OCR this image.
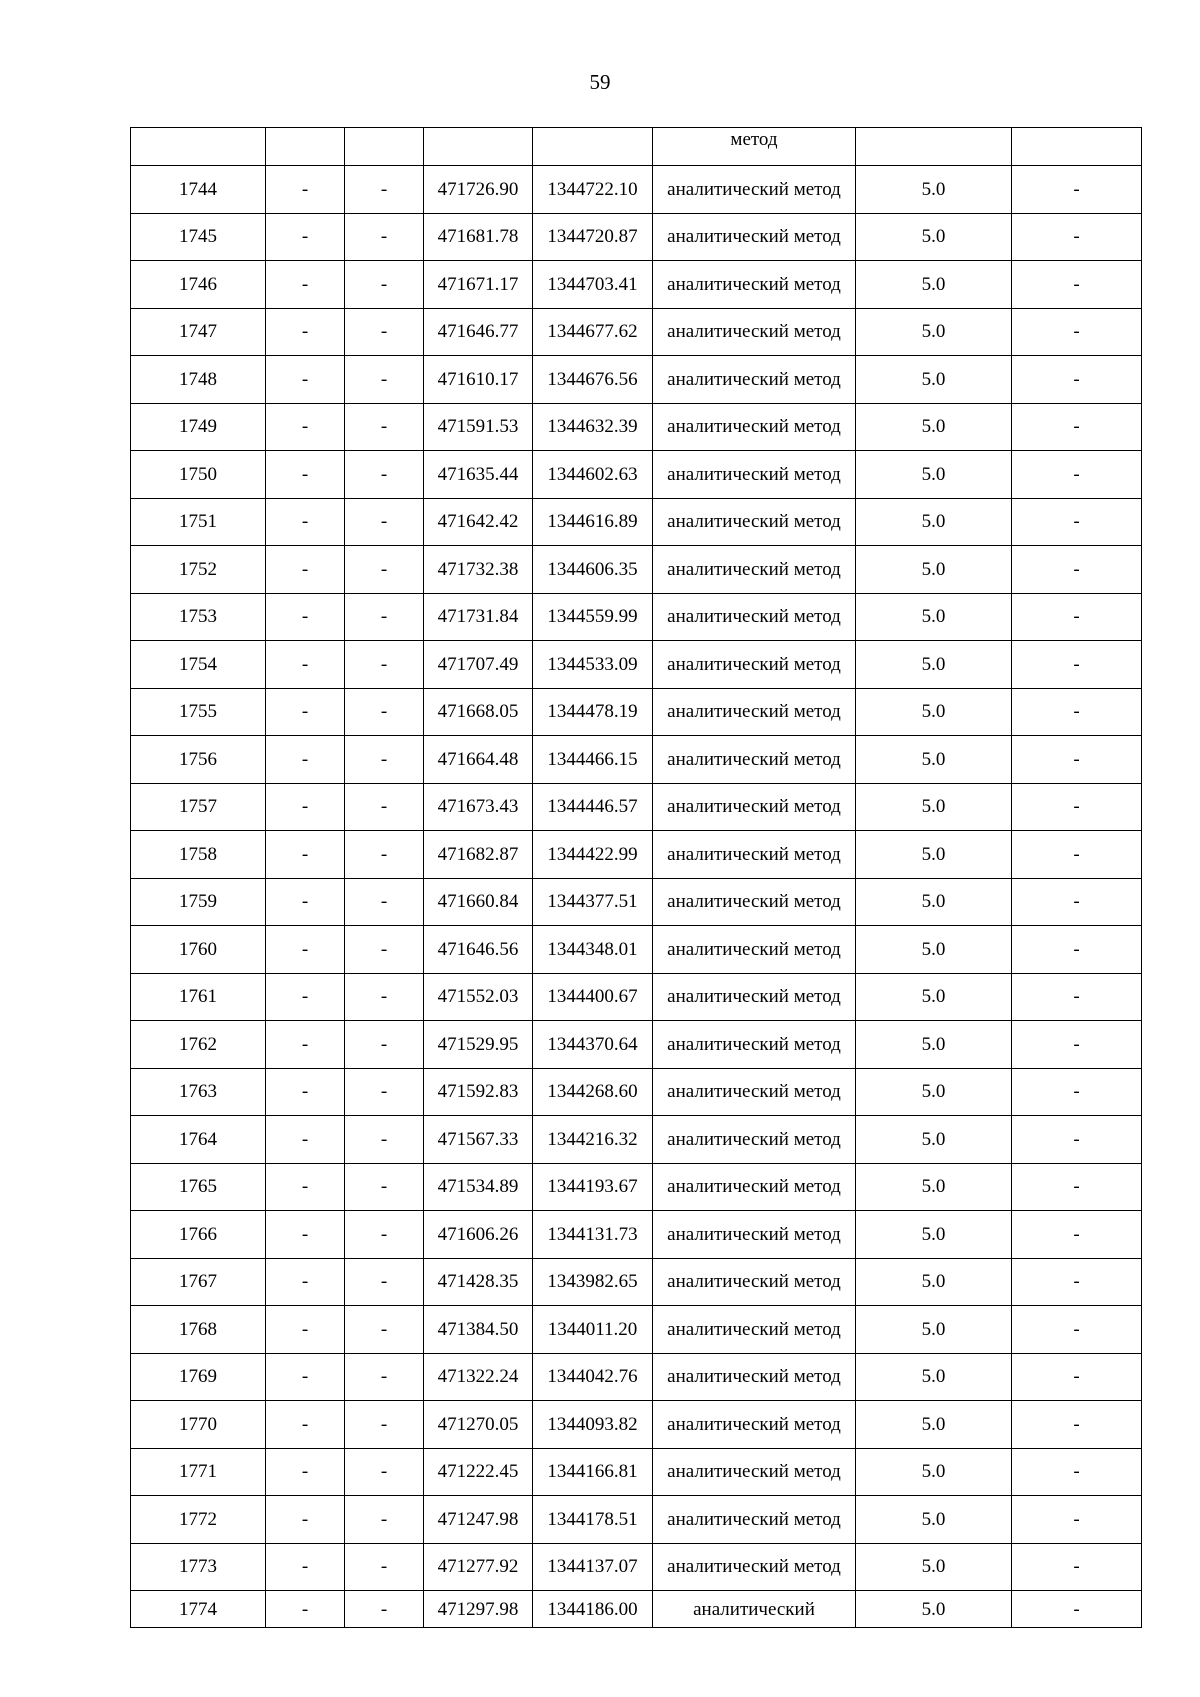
59
					метод		
1744	-	-	471726.90	1344722.10	аналитический метод	5.0	-
1745	-	-	471681.78	1344720.87	аналитический метод	5.0	-
1746	-	-	471671.17	1344703.41	аналитический метод	5.0	-
1747	-	-	471646.77	1344677.62	аналитический метод	5.0	-
1748	-	-	471610.17	1344676.56	аналитический метод	5.0	-
1749	-	-	471591.53	1344632.39	аналитический метод	5.0	-
1750	-	-	471635.44	1344602.63	аналитический метод	5.0	-
1751	-	-	471642.42	1344616.89	аналитический метод	5.0	-
1752	-	-	471732.38	1344606.35	аналитический метод	5.0	-
1753	-	-	471731.84	1344559.99	аналитический метод	5.0	-
1754	-	-	471707.49	1344533.09	аналитический метод	5.0	-
1755	-	-	471668.05	1344478.19	аналитический метод	5.0	-
1756	-	-	471664.48	1344466.15	аналитический метод	5.0	-
1757	-	-	471673.43	1344446.57	аналитический метод	5.0	-
1758	-	-	471682.87	1344422.99	аналитический метод	5.0	-
1759	-	-	471660.84	1344377.51	аналитический метод	5.0	-
1760	-	-	471646.56	1344348.01	аналитический метод	5.0	-
1761	-	-	471552.03	1344400.67	аналитический метод	5.0	-
1762	-	-	471529.95	1344370.64	аналитический метод	5.0	-
1763	-	-	471592.83	1344268.60	аналитический метод	5.0	-
1764	-	-	471567.33	1344216.32	аналитический метод	5.0	-
1765	-	-	471534.89	1344193.67	аналитический метод	5.0	-
1766	-	-	471606.26	1344131.73	аналитический метод	5.0	-
1767	-	-	471428.35	1343982.65	аналитический метод	5.0	-
1768	-	-	471384.50	1344011.20	аналитический метод	5.0	-
1769	-	-	471322.24	1344042.76	аналитический метод	5.0	-
1770	-	-	471270.05	1344093.82	аналитический метод	5.0	-
1771	-	-	471222.45	1344166.81	аналитический метод	5.0	-
1772	-	-	471247.98	1344178.51	аналитический метод	5.0	-
1773	-	-	471277.92	1344137.07	аналитический метод	5.0	-
1774	-	-	471297.98	1344186.00	аналитический	5.0	-
